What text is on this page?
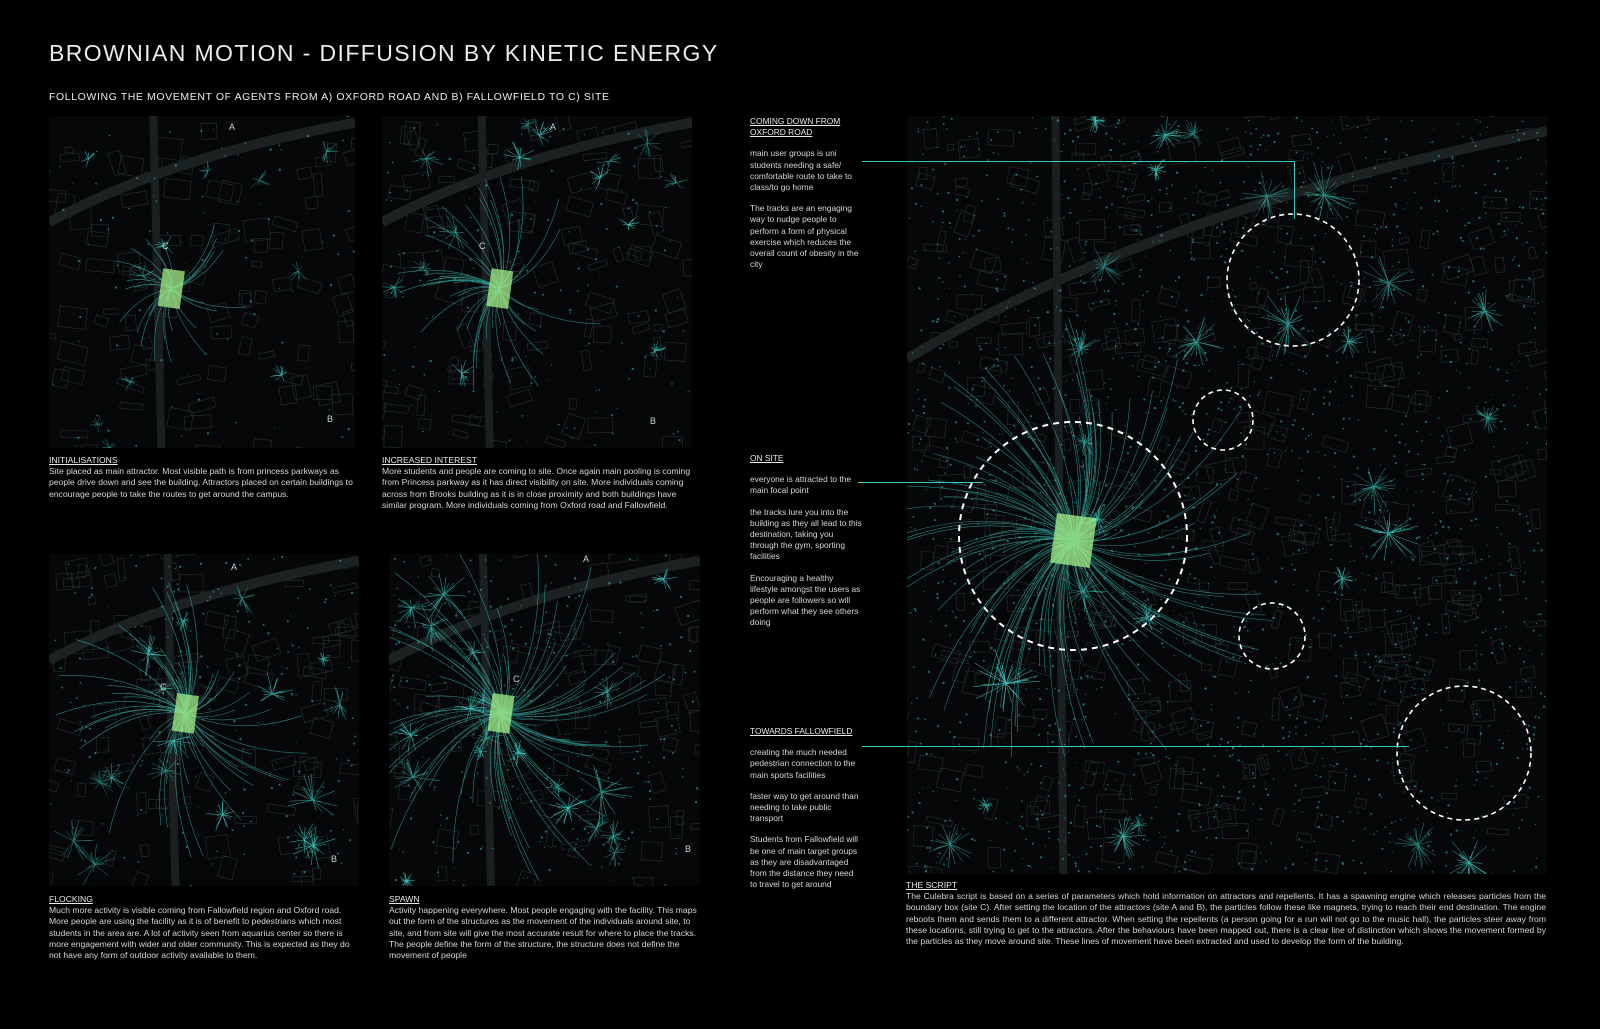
BROWNIAN MOTION - DIFFUSION BY KINETIC ENERGY
FOLLOWING THE MOVEMENT OF AGENTS FROM A) OXFORD ROAD AND B) FALLOWFIELD TO C) SITE
A
C
B
INITIALISATIONS
Site placed as main attractor. Most visible path is from princess parkways as people drive down and see the building. Attractors placed on certain buildings to encourage people to take the routes to get around the campus.
A
C
B
INCREASED INTEREST
More students and people are coming to site. Once again main pooling is coming from Princess parkway as it has direct visibility on site. More individuals coming across from Brooks building as it is in close proximity and both buildings have similar program. More individuals coming from Oxford road and Fallowfield.
A
C
B
FLOCKING
Much more activity is visible coming from Fallowfield region and Oxford road. More people are using the facility as it is of benefit to pedestrians which most students in the area are. A lot of activity seen from aquarius center so there is more engagement with wider and older community. This is expected as they do not have any form of outdoor activity available to them.
A
C
B
SPAWN
Activity happening everywhere. Most people engaging with the facility. This maps out the form of the structures as the movement of the individuals around site, to site, and from site will give the most accurate result for where to place the tracks. The people define the form of the structure, the structure does not define the movement of people
COMING DOWN FROM OXFORD ROAD

main user groups is uni students needing a safe/ comfortable route to take to class/to go home

The tracks are an engaging way to nudge people to perform a form of physical exercise which reduces the overall count of obesity in the city

ON SITE

everyone is attracted to the main focal point

the tracks lure you into the building as they all lead to this destination, taking you through the gym, sporting facilities

Encouraging a healthy lifestyle amongst the users as people are followers so will perform what they see others doing

TOWARDS FALLOWFIELD

creating the much needed pedestrian connection to the main sports facilities

faster way to get around than needing to take public transport

Students from Fallowfield will be one of main target groups as they are disadvantaged from the distance they need to travel to get around	THE SCRIPT
The Culebra script is based on a series of parameters which hold information on attractors and repellents. It has a spawning engine which releases particles from the boundary box (site C). After setting the location of the attractors (site A and B), the particles follow these like magnets, trying to reach their end destination. The engine reboots them and sends them to a different attractor. When setting the repellents (a person going for a run will not go to the music hall), the particles steer away from these locations, still trying to get to the attractors. After the behaviours have been mapped out, there is a clear line of distinction which shows the movement formed by the particles as they move around site. These lines of movement have been extracted and used to develop the form of the building.
